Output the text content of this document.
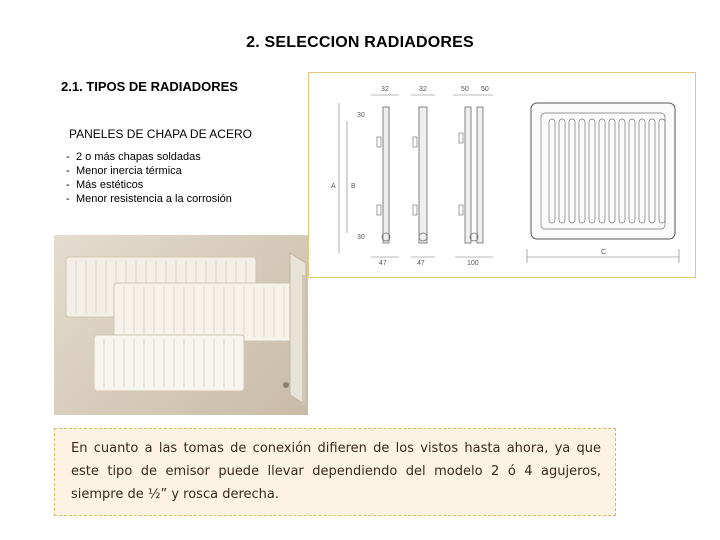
2. SELECCION RADIADORES
2.1. TIPOS DE RADIADORES
PANELES DE CHAPA DE ACERO
- 2 o más chapas soldadas
- Menor inercia térmica
- Más estéticos
- Menor resistencia a la corrosión
32	32	50 50
30
30
A B
47	47	100
C

En cuanto a las tomas de conexión difieren de los vistos hasta ahora, ya que este tipo de emisor puede llevar dependiendo del modelo 2 ó 4 agujeros, siempre de ½” y rosca derecha.
